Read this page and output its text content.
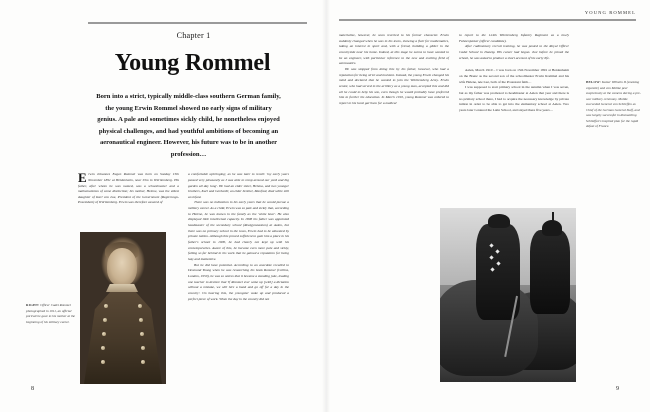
Chapter 1
Young Rommel
Born into a strict, typically middle-class southern German family, the young Erwin Rommel showed no early signs of military genius. A pale and sometimes sickly child, he nonetheless enjoyed physical challenges, and had youthful ambitions of becoming an aeronautical engineer. However, his future was to be in another profession…

Erwin Johannes Eugen Rommel was born on Sunday 15th November 1891 at Heidenheim, near Ulm in Württemberg. His father, after whom he was named, was a schoolmaster and a mathematician of some distinction; his mother, Helene, was the eldest daughter of Karl von Luz, President of the Government (Regierungs-Praesident) of Württemberg. Erwin was therefore assured of

a comfortable upbringing; as he was later to recall: 'my early years passed very pleasantly as I was able to romp around our yard and big garden all day long'. He had an elder sister, Helena, and two younger brothers, Karl and Gerhardt; an elder brother, Manfred, died while still an infant.

There was no indication in his early years that he would pursue a military career. As a child, Erwin was so pale and sickly that, according to Helene, he was known in the family as the 'white bear'. He also displayed little intellectual capacity. In 1898 his father was appointed headmaster of the secondary school (Realgymnasium) at Aalen, but there was no primary school in the town, Erwin had to be educated by private tuition. Although this proved sufficient to gain him a place in his father's school in 1900, he had clearly not kept up with his contemporaries. Aware of this, he became even more pale and sickly, falling so far behind in his work that he gained a reputation for being lazy and inattentive.

But he did have potential. According to an anecdote recalled to Desmond Young when he was researching his book Rommel (Collins, London, 1950), he was so unless that it became a standing joke, leading one teacher to declare that 'if Rommel ever woke up [with] a dictation without a mistake, we will hire a band and go off for a day in the country'. On hearing this, the youngster woke up and produced a perfect piece of work. When the day in the country did not

8
YOUNG ROMMEL

materialise, however, he soon reverted to his former character. Erwin suddenly changed when he was in his teens, showing a flair for mathematics, taking an interest in sport and, with a friend, building a glider in the countryside near his home. Indeed, at this stage he seems to have wanted to be an engineer, with particular reference to the new and exciting field of aeronautics.

He was stopped from doing this by his father, however, who had a reputation for being strict and insistent. Instead, the young Erwin changed his mind and declared that he wanted to join the Württemberg Army. Erwin senior, who had served in the artillery as a young man, accepted this and did all he could to help his son, even though he would probably have preferred him to further his education. In March 1910, young Rommel was ordered to report to his local garrison for a medical

to report to the 124th Württemberg Infantry Regiment as a lowly Fahnenjunker (officer candidate).

After rudimentary recruit training, he was posted to the Royal Officer Cadet School in Danzig. His career had begun. Just before he joined the school, he was asked to produce a short account of his early life.

Aalen, March 1910 – I was born on 15th November 1891 at Heidenheim on the Brenz as the second son of the schoolmaster Erwin Rommel and his wife Helene, née Luz, both of the Protestant faith…

I was supposed to start primary school in the autumn when I was seven, but as my father was promoted to headmaster at Aalen that year and there is no primary school there, I had to acquire the necessary knowledge by private tuition in order to be able to get into the elementary school at Aalen. Two years later I entered the Latin School, and stayed there five years…

9
RIGHT: Officer Cadet Rommel photographed in 1911, an official portrait he gave to his mother at the beginning of his military career.
BELOW: Kaiser Wilhelm II (smoking cigarette) and von Moltke peer suspiciously at the camera during a pre-war military ceremony. Moltke succeeded General von Schlieffen as Chief of the German General Staff, and was largely successful in dismantling Schlieffen's inspired plan for the rapid defeat of France.
